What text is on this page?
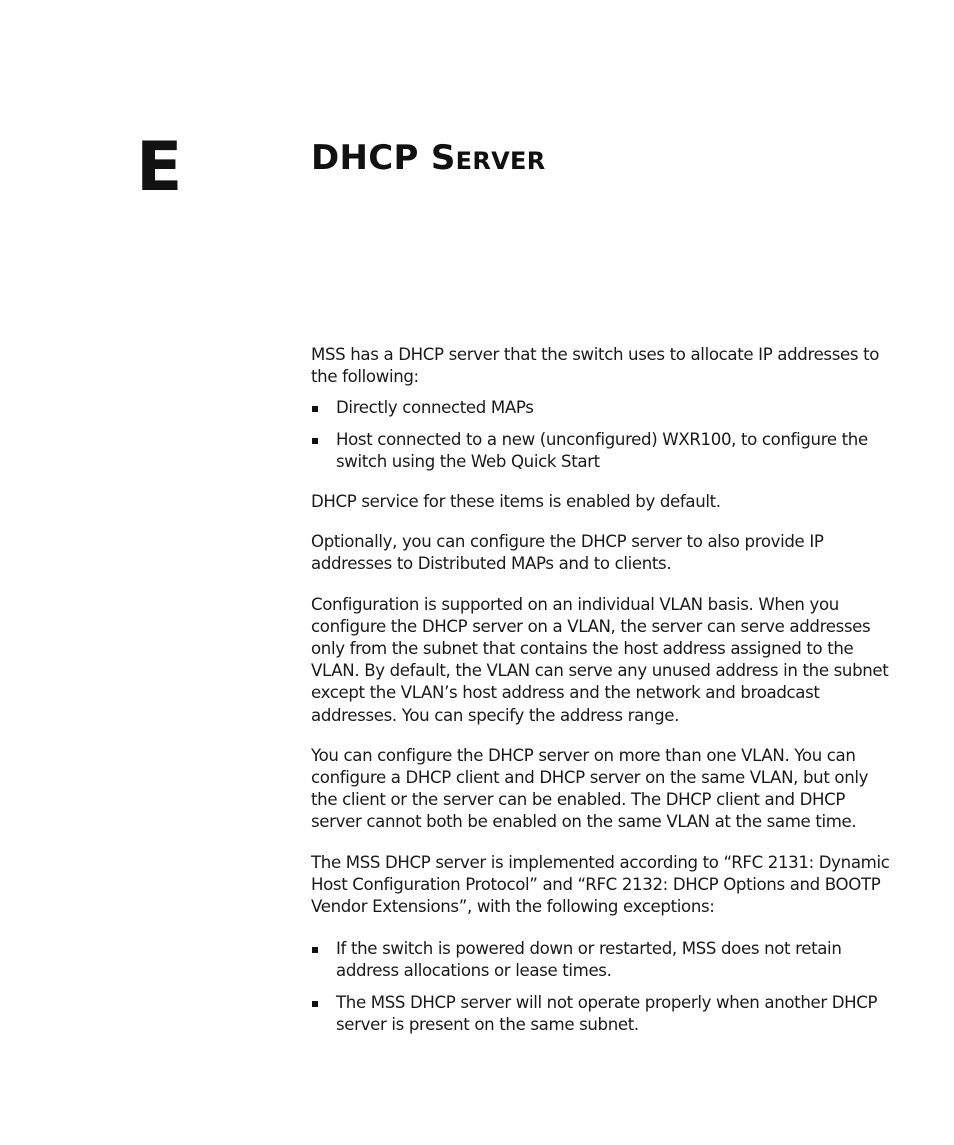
E	DHCP Server

MSS has a DHCP server that the switch uses to allocate IP addresses to the following:

Directly connected MAPs
Host connected to a new (unconfigured) WXR100, to configure the switch using the Web Quick Start

DHCP service for these items is enabled by default.

Optionally, you can configure the DHCP server to also provide IP addresses to Distributed MAPs and to clients.

Configuration is supported on an individual VLAN basis. When you configure the DHCP server on a VLAN, the server can serve addresses only from the subnet that contains the host address assigned to the VLAN. By default, the VLAN can serve any unused address in the subnet except the VLAN’s host address and the network and broadcast addresses. You can specify the address range.

You can configure the DHCP server on more than one VLAN. You can configure a DHCP client and DHCP server on the same VLAN, but only the client or the server can be enabled. The DHCP client and DHCP server cannot both be enabled on the same VLAN at the same time.

The MSS DHCP server is implemented according to “RFC 2131: Dynamic Host Configuration Protocol” and “RFC 2132: DHCP Options and BOOTP Vendor Extensions”, with the following exceptions:

If the switch is powered down or restarted, MSS does not retain address allocations or lease times.
The MSS DHCP server will not operate properly when another DHCP server is present on the same subnet.
